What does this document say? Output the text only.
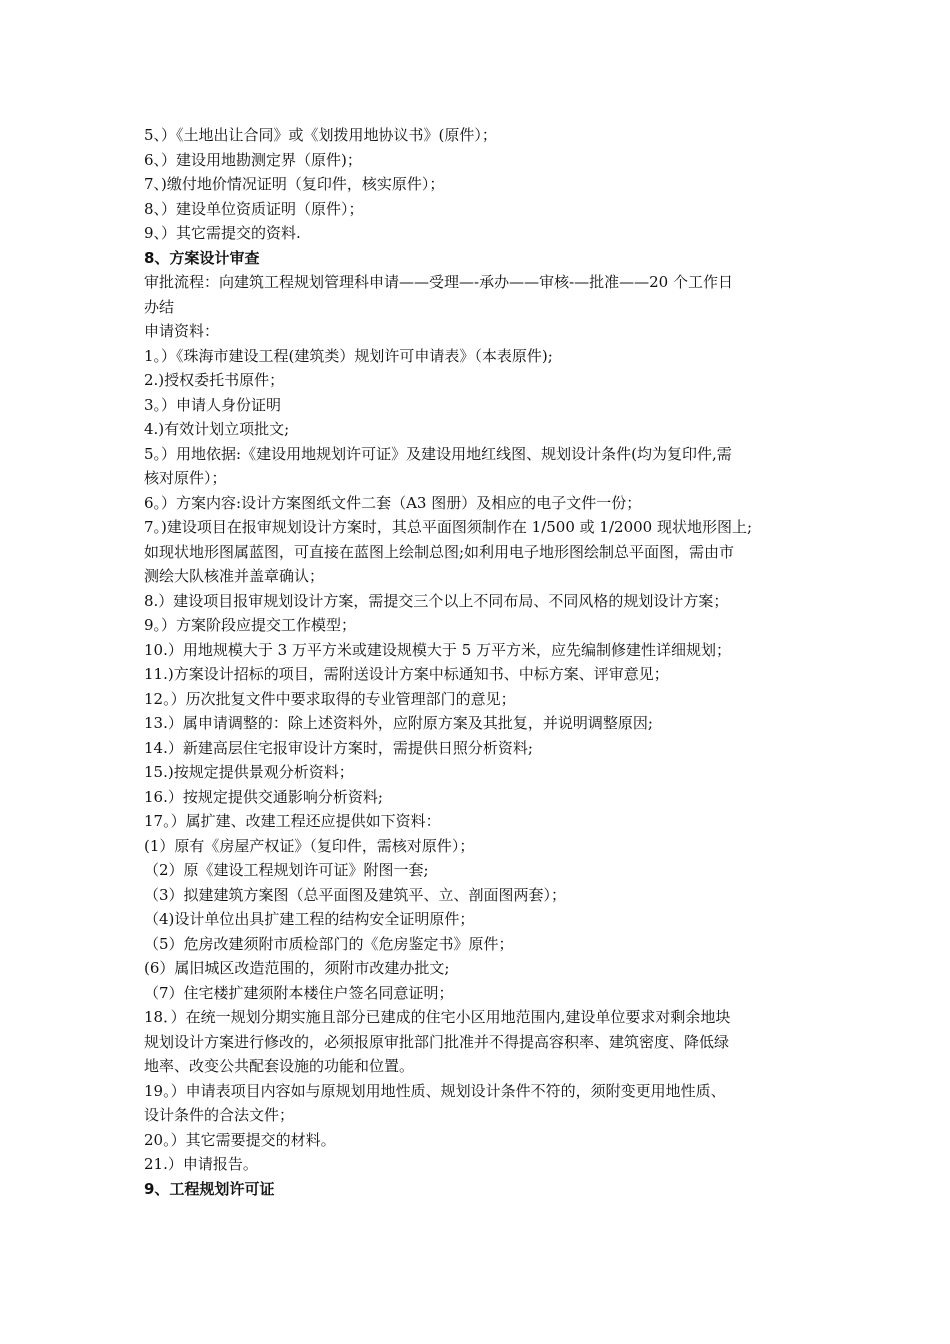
5、）《土地出让合同》或《划拨用地协议书》(原件）；
6、）建设用地勘测定界（原件)；
7、)缴付地价情况证明（复印件，核实原件）；
8、）建设单位资质证明（原件）；
9、）其它需提交的资料.
8、方案设计审查
审批流程：向建筑工程规划管理科申请——受理—-承办——审核-—批准——20 个工作日
办结
申请资料：
1。）《珠海市建设工程(建筑类）规划许可申请表》（本表原件);
2.)授权委托书原件；
3。）申请人身份证明
4.)有效计划立项批文;
5。）用地依据:《建设用地规划许可证》及建设用地红线图、规划设计条件(均为复印件,需
核对原件）；
6。）方案内容:设计方案图纸文件二套（A3 图册）及相应的电子文件一份；
7。)建设项目在报审规划设计方案时，其总平面图须制作在 1/500 或 1/2000 现状地形图上;
如现状地形图属蓝图，可直接在蓝图上绘制总图;如利用电子地形图绘制总平面图，需由市
测绘大队核准并盖章确认；
8.）建设项目报审规划设计方案，需提交三个以上不同布局、不同风格的规划设计方案；
9。）方案阶段应提交工作模型；
10.）用地规模大于 3 万平方米或建设规模大于 5 万平方米，应先编制修建性详细规划；
11.)方案设计招标的项目，需附送设计方案中标通知书、中标方案、评审意见；
12。）历次批复文件中要求取得的专业管理部门的意见；
13.）属申请调整的：除上述资料外，应附原方案及其批复，并说明调整原因;
14.）新建高层住宅报审设计方案时，需提供日照分析资料;
15.)按规定提供景观分析资料；
16.）按规定提供交通影响分析资料;
17。）属扩建、改建工程还应提供如下资料：
(1）原有《房屋产权证》（复印件，需核对原件）；
（2）原《建设工程规划许可证》附图一套;
（3）拟建建筑方案图（总平面图及建筑平、立、剖面图两套）；
（4)设计单位出具扩建工程的结构安全证明原件；
（5）危房改建须附市质检部门的《危房鉴定书》原件；
(6）属旧城区改造范围的，须附市改建办批文;
（7）住宅楼扩建须附本楼住户签名同意证明；
18．）在统一规划分期实施且部分已建成的住宅小区用地范围内,建设单位要求对剩余地块
规划设计方案进行修改的，必须报原审批部门批准并不得提高容积率、建筑密度、降低绿
地率、改变公共配套设施的功能和位置。
19。）申请表项目内容如与原规划用地性质、规划设计条件不符的，须附变更用地性质、
设计条件的合法文件；
20。）其它需要提交的材料。
21.）申请报告。
9、工程规划许可证
